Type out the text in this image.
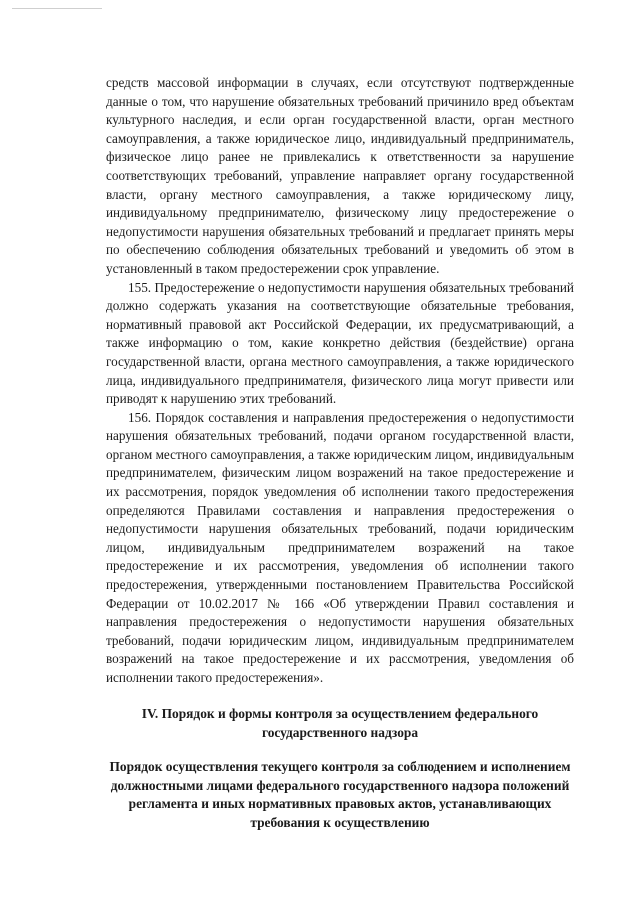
средств массовой информации в случаях, если отсутствуют подтвержденные данные о том, что нарушение обязательных требований причинило вред объектам культурного наследия, и если орган государственной власти, орган местного самоуправления, а также юридическое лицо, индивидуальный предприниматель, физическое лицо ранее не привлекались к ответственности за нарушение соответствующих требований, управление направляет органу государственной власти, органу местного самоуправления, а также юридическому лицу, индивидуальному предпринимателю, физическому лицу предостережение о недопустимости нарушения обязательных требований и предлагает принять меры по обеспечению соблюдения обязательных требований и уведомить об этом в установленный в таком предостережении срок управление.

155. Предостережение о недопустимости нарушения обязательных требований должно содержать указания на соответствующие обязательные требования, нормативный правовой акт Российской Федерации, их предусматривающий, а также информацию о том, какие конкретно действия (бездействие) органа государственной власти, органа местного самоуправления, а также юридического лица, индивидуального предпринимателя, физического лица могут привести или приводят к нарушению этих требований.

156. Порядок составления и направления предостережения о недопустимости нарушения обязательных требований, подачи органом государственной власти, органом местного самоуправления, а также юридическим лицом, индивидуальным предпринимателем, физическим лицом возражений на такое предостережение и их рассмотрения, порядок уведомления об исполнении такого предостережения определяются Правилами составления и направления предостережения о недопустимости нарушения обязательных требований, подачи юридическим лицом, индивидуальным предпринимателем возражений на такое предостережение и их рассмотрения, уведомления об исполнении такого предостережения, утвержденными постановлением Правительства Российской Федерации от 10.02.2017 № 166 «Об утверждении Правил составления и направления предостережения о недопустимости нарушения обязательных требований, подачи юридическим лицом, индивидуальным предпринимателем возражений на такое предостережение и их рассмотрения, уведомления об исполнении такого предостережения».

IV. Порядок и формы контроля за осуществлением федерального государственного надзора

Порядок осуществления текущего контроля за соблюдением и исполнением должностными лицами федерального государственного надзора положений регламента и иных нормативных правовых актов, устанавливающих требования к осуществлению
